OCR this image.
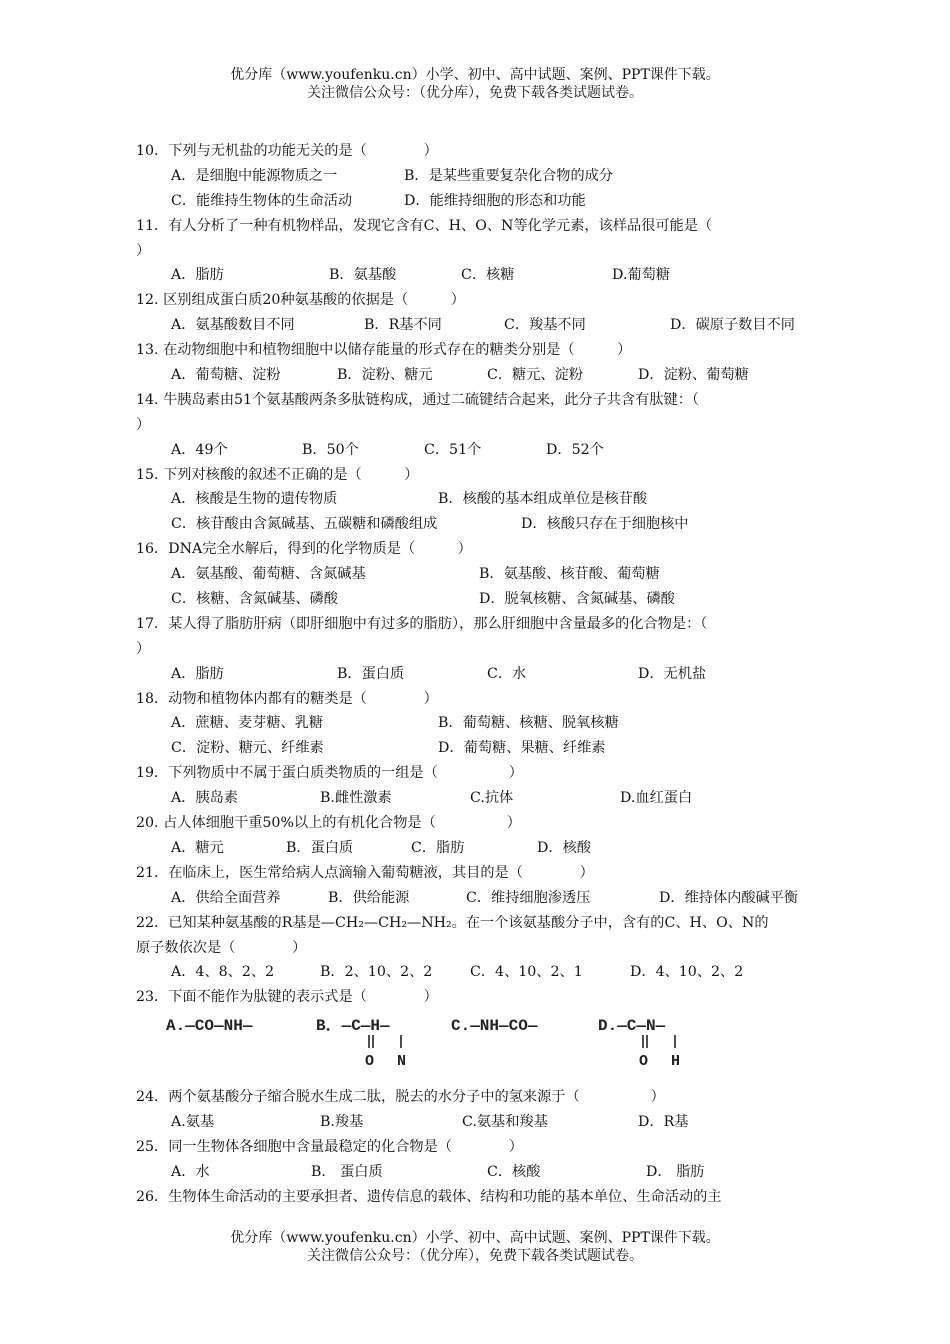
优分库（www.youfenku.cn）小学、初中、高中试题、案例、PPT课件下载。
关注微信公众号：（优分库），免费下载各类试题试卷。
10．下列与无机盐的功能无关的是（　　　　）
A．是细胞中能源物质之一	B．是某些重要复杂化合物的成分
C．能维持生物体的生命活动	D．能维持细胞的形态和功能
11．有人分析了一种有机物样品，发现它含有C、H、O、N等化学元素，该样品很可能是（
）
A．脂肪	B．氨基酸	C．核糖	D.葡萄糖
12. 区别组成蛋白质20种氨基酸的依据是（　　　）
A．氨基酸数目不同	B．R基不同	C．羧基不同	D．碳原子数目不同
13. 在动物细胞中和植物细胞中以储存能量的形式存在的糖类分别是（　　　）
A．葡萄糖、淀粉	B．淀粉、糖元	C．糖元、淀粉	D．淀粉、葡萄糖
14. 牛胰岛素由51个氨基酸两条多肽链构成，通过二硫键结合起来，此分子共含有肽键：（
）
A．49个	B．50个	C．51个	D．52个
15. 下列对核酸的叙述不正确的是（　　　）
A．核酸是生物的遗传物质	B．核酸的基本组成单位是核苷酸
C．核苷酸由含氮碱基、五碳糖和磷酸组成	D．核酸只存在于细胞核中
16．DNA完全水解后，得到的化学物质是（　　　）
A．氨基酸、葡萄糖、含氮碱基	B．氨基酸、核苷酸、葡萄糖
C．核糖、含氮碱基、磷酸	D．脱氧核糖、含氮碱基、磷酸
17．某人得了脂肪肝病（即肝细胞中有过多的脂肪），那么肝细胞中含量最多的化合物是：（
）
A．脂肪	B．蛋白质	C．水	D．无机盐
18．动物和植物体内都有的糖类是（　　　　）
A．蔗糖、麦芽糖、乳糖	B．葡萄糖、核糖、脱氧核糖
C．淀粉、糖元、纤维素	D．葡萄糖、果糖、纤维素
19．下列物质中不属于蛋白质类物质的一组是（　　　　　）
A．胰岛素	B.雌性激素	C.抗体	D.血红蛋白
20. 占人体细胞干重50%以上的有机化合物是（　　　　　）
A．糖元	B．蛋白质	C．脂肪	D．核酸
21．在临床上，医生常给病人点滴输入葡萄糖液，其目的是（　　　　）
A．供给全面营养	B．供给能源	C．维持细胞渗透压	D．维持体内酸碱平衡
22．已知某种氨基酸的R基是—CH₂—CH₂—NH₂。在一个该氨基酸分子中，含有的C、H、O、N的
原子数依次是（　　　　）
A．4、8、2、2	B．2、10、2、2	C．4、10、2、1	D．4、10、2、2
23．下面不能作为肽键的表示式是（　　　　）
A.—CO—NH—	B．—C—H—
O N
C.—NH—CO—	D.—C—N—
O H
24．两个氨基酸分子缩合脱水生成二肽，脱去的水分子中的氢来源于（　　　　　）
A.氨基	B.羧基	C.氨基和羧基	D．R基
25．同一生物体各细胞中含量最稳定的化合物是（　　　　）
A．水	B． 蛋白质	C．核酸	D． 脂肪
26．生物体生命活动的主要承担者、遗传信息的载体、结构和功能的基本单位、生命活动的主
优分库（www.youfenku.cn）小学、初中、高中试题、案例、PPT课件下载。
关注微信公众号：（优分库），免费下载各类试题试卷。
